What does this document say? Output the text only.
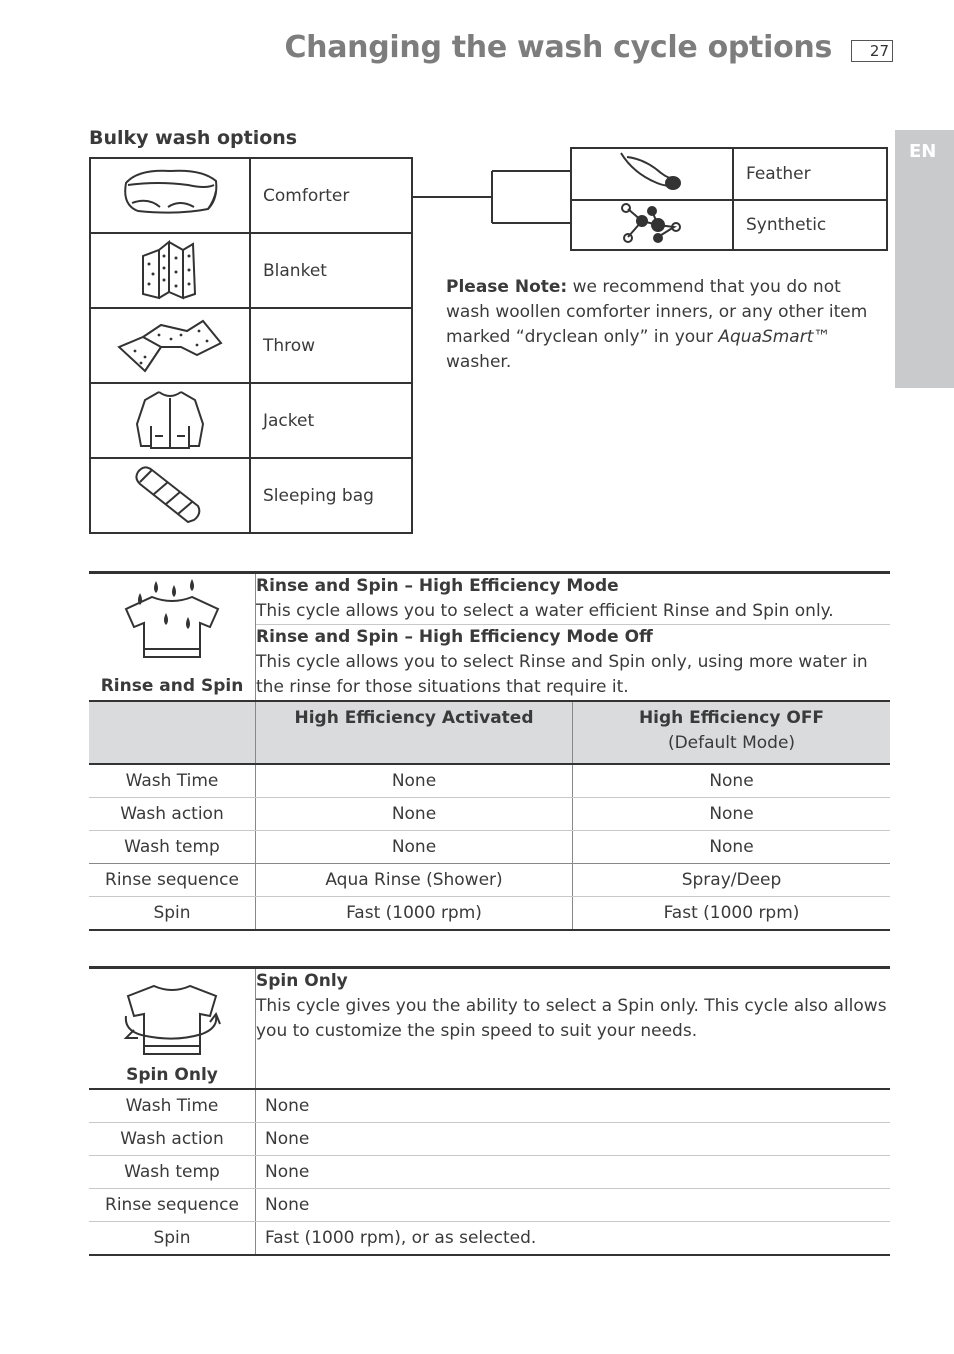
Changing the wash cycle options	27
EN
Bulky wash options
	Comforter
	Blanket
	Throw
	Jacket
	Sleeping bag
	Feather
	Synthetic
Please Note: we recommend that you do not wash woollen comforter inners, or any other item marked “dryclean only” in your AquaSmart™ washer.
Rinse and Spin	Rinse and Spin – High Efficiency Mode
This cycle allows you to select a water efficient Rinse and Spin only.	

	Rinse and Spin – High Efficiency Mode Off
This cycle allows you to select Rinse and Spin only, using more water in the rinse for those situations that require it.	

	High Efficiency Activated	High Efficiency OFF
(Default Mode)

Wash Time	None	None
Wash action	None	None
Wash temp	None	None
Rinse sequence	Aqua Rinse (Shower)	Spray/Deep
Spin	Fast (1000 rpm)	Fast (1000 rpm)
Spin Only	Spin Only
This cycle gives you the ability to select a Spin only. This cycle also allows you to customize the spin speed to suit your needs.

Wash Time	None
Wash action	None
Wash temp	None
Rinse sequence	None
Spin	Fast (1000 rpm), or as selected.
